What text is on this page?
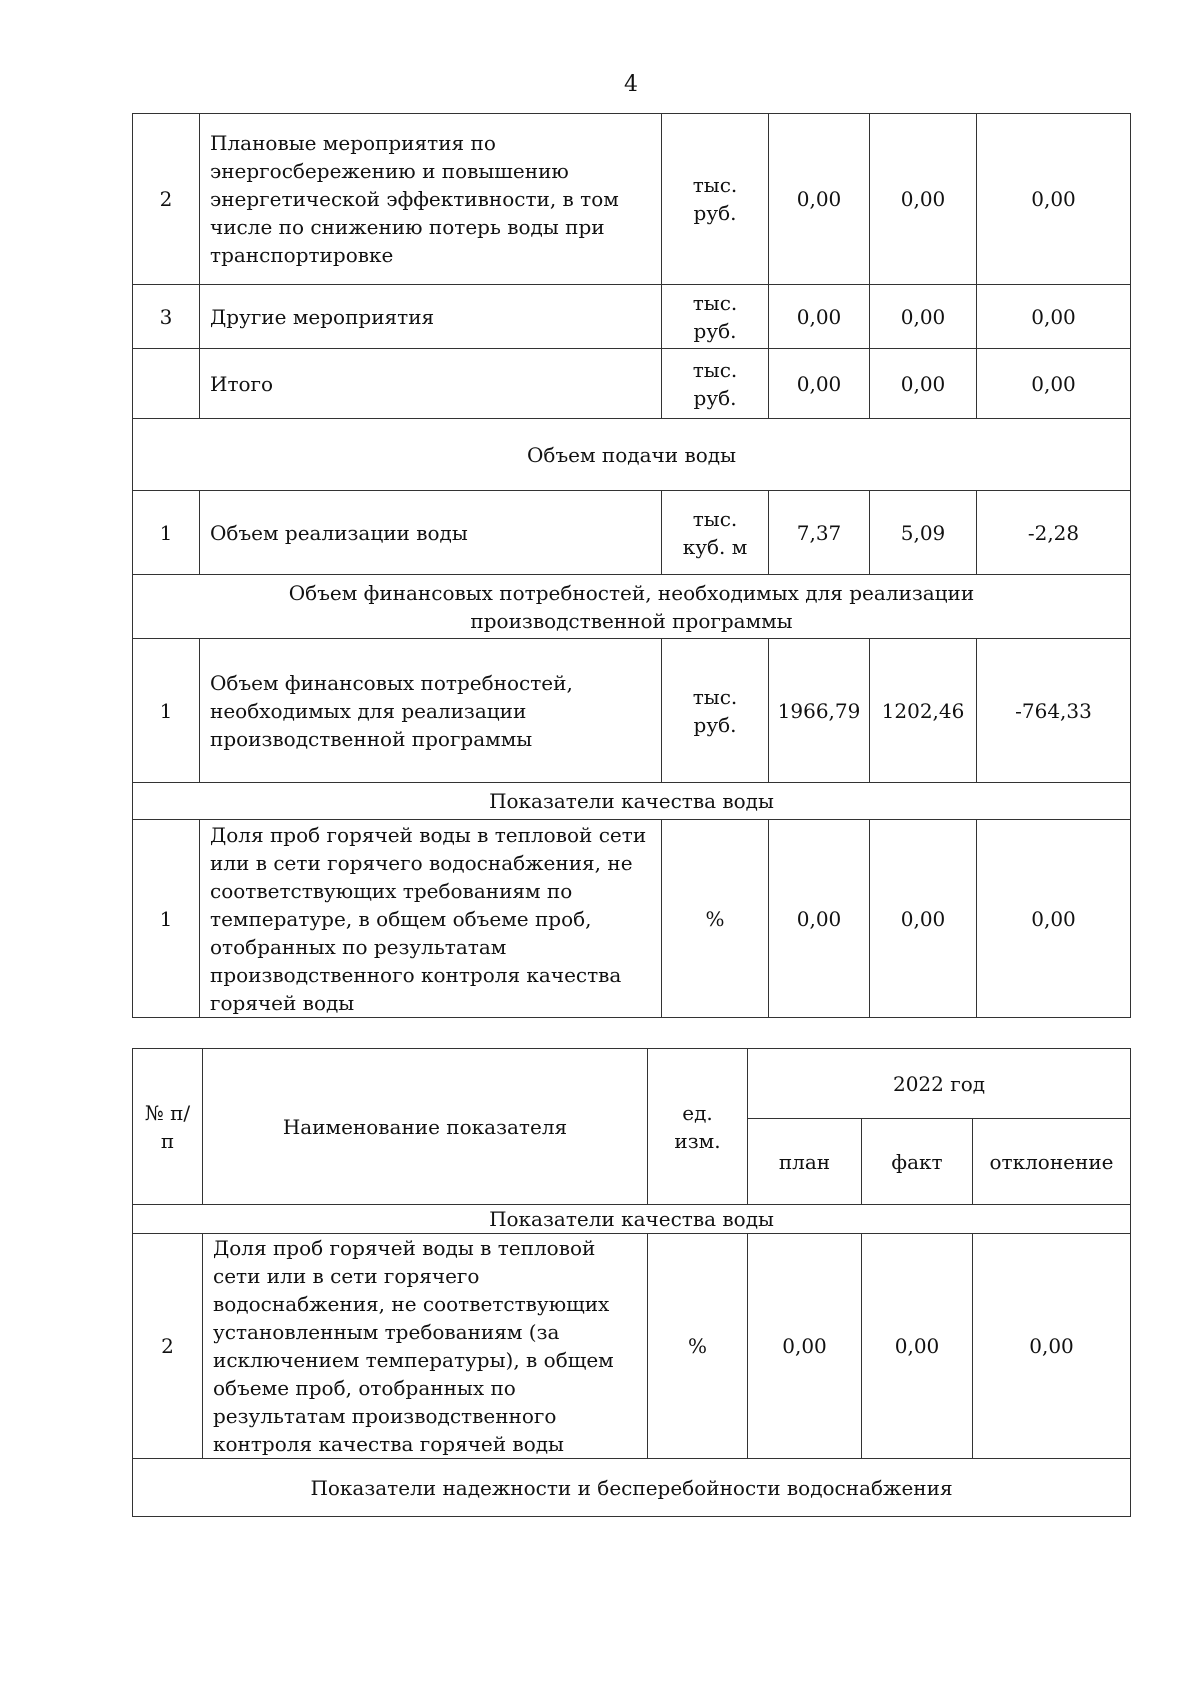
4
2	Плановые мероприятия по энергосбережению и повышению энергетической эффективности, в том числе по снижению потерь воды при транспортировке	тыс. руб.	0,00	0,00	0,00
3	Другие мероприятия	тыс. руб.	0,00	0,00	0,00
	Итого	тыс. руб.	0,00	0,00	0,00
Объем подачи воды					
1	Объем реализации воды	тыс. куб. м	7,37	5,09	-2,28
Объем финансовых потребностей, необходимых для реализации производственной программы					
1	Объем финансовых потребностей, необходимых для реализации производственной программы	тыс. руб.	1966,79	1202,46	-764,33
Показатели качества воды					
1	Доля проб горячей воды в тепловой сети или в сети горячего водоснабжения, не соответствующих требованиям по температуре, в общем объеме проб, отобранных по результатам производственного контроля качества горячей воды	%	0,00	0,00	0,00
№ п/п	Наименование показателя	ед. изм.	2022 год		
			план	факт	отклонение
Показатели качества воды					
2	Доля проб горячей воды в тепловой сети или в сети горячего водоснабжения, не соответствующих установленным требованиям (за исключением температуры), в общем объеме проб, отобранных по результатам производственного контроля качества горячей воды	%	0,00	0,00	0,00
Показатели надежности и бесперебойности водоснабжения					
